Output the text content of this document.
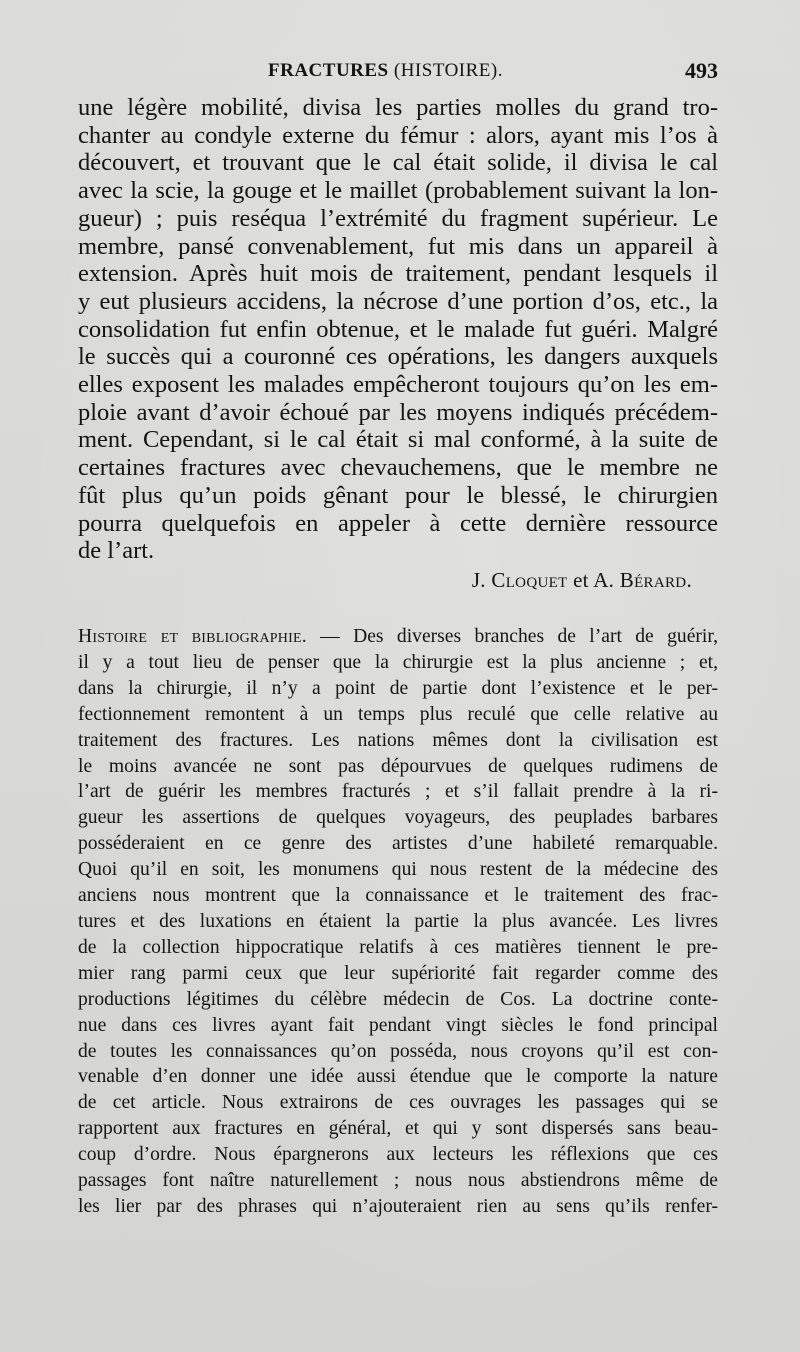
FRACTURES (HISTOIRE).	493
une légère mobilité, divisa les parties molles du grand tro-
chanter au condyle externe du fémur : alors, ayant mis l’os à
découvert, et trouvant que le cal était solide, il divisa le cal
avec la scie, la gouge et le maillet (probablement suivant la lon-
gueur) ; puis reséqua l’extrémité du fragment supérieur. Le
membre, pansé convenablement, fut mis dans un appareil à
extension. Après huit mois de traitement, pendant lesquels il
y eut plusieurs accidens, la nécrose d’une portion d’os, etc., la
consolidation fut enfin obtenue, et le malade fut guéri. Malgré
le succès qui a couronné ces opérations, les dangers auxquels
elles exposent les malades empêcheront toujours qu’on les em-
ploie avant d’avoir échoué par les moyens indiqués précédem-
ment. Cependant, si le cal était si mal conformé, à la suite de
certaines fractures avec chevauchemens, que le membre ne
fût plus qu’un poids gênant pour le blessé, le chirurgien
pourra quelquefois en appeler à cette dernière ressource
de l’art.
J. Cloquet et A. Bérard.
Histoire et bibliographie. — Des diverses branches de l’art de guérir,
il y a tout lieu de penser que la chirurgie est la plus ancienne ; et,
dans la chirurgie, il n’y a point de partie dont l’existence et le per-
fectionnement remontent à un temps plus reculé que celle relative au
traitement des fractures. Les nations mêmes dont la civilisation est
le moins avancée ne sont pas dépourvues de quelques rudimens de
l’art de guérir les membres fracturés ; et s’il fallait prendre à la ri-
gueur les assertions de quelques voyageurs, des peuplades barbares
posséderaient en ce genre des artistes d’une habileté remarquable.
Quoi qu’il en soit, les monumens qui nous restent de la médecine des
anciens nous montrent que la connaissance et le traitement des frac-
tures et des luxations en étaient la partie la plus avancée. Les livres
de la collection hippocratique relatifs à ces matières tiennent le pre-
mier rang parmi ceux que leur supériorité fait regarder comme des
productions légitimes du célèbre médecin de Cos. La doctrine conte-
nue dans ces livres ayant fait pendant vingt siècles le fond principal
de toutes les connaissances qu’on posséda, nous croyons qu’il est con-
venable d’en donner une idée aussi étendue que le comporte la nature
de cet article. Nous extrairons de ces ouvrages les passages qui se
rapportent aux fractures en général, et qui y sont dispersés sans beau-
coup d’ordre. Nous épargnerons aux lecteurs les réflexions que ces
passages font naître naturellement ; nous nous abstiendrons même de
les lier par des phrases qui n’ajouteraient rien au sens qu’ils renfer-
